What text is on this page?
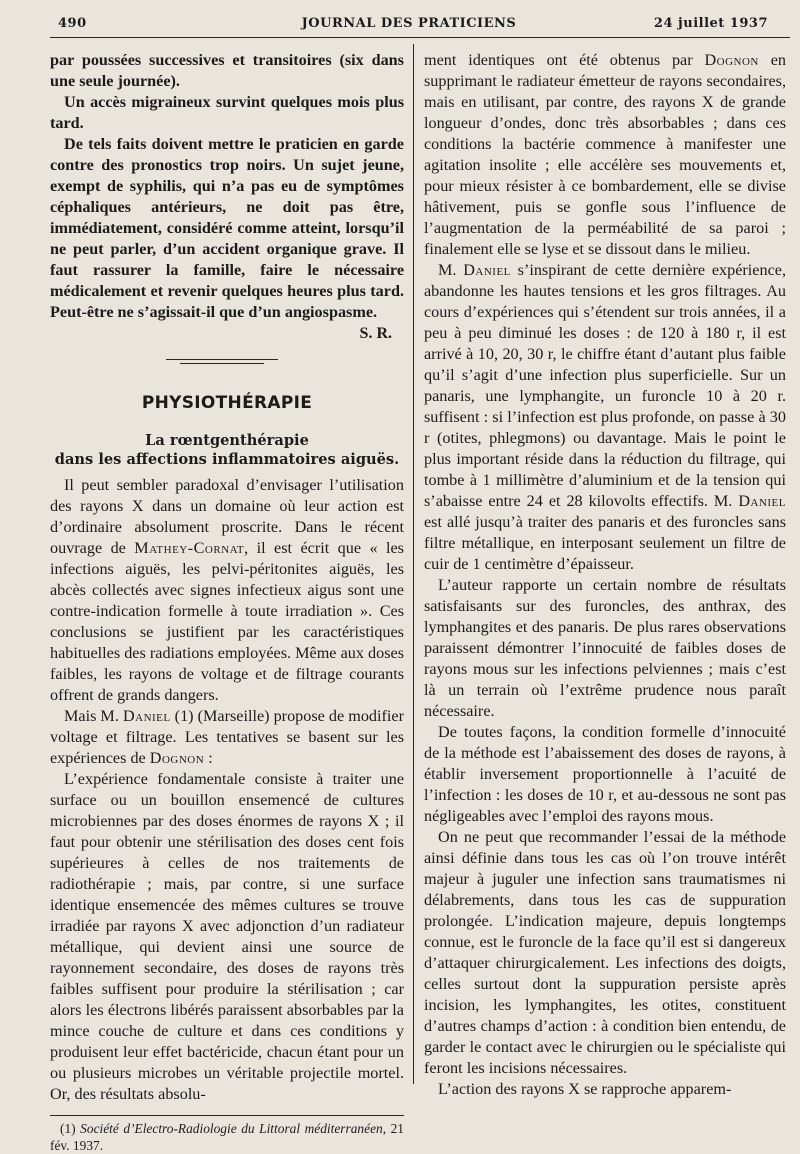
490	JOURNAL DES PRATICIENS	24 juillet 1937

par poussées successives et transitoires (six dans une seule journée).

Un accès migraineux survint quelques mois plus tard.

De tels faits doivent mettre le praticien en garde contre des pronostics trop noirs. Un sujet jeune, exempt de syphilis, qui n’a pas eu de symptômes céphaliques antérieurs, ne doit pas être, immédiatement, considéré comme atteint, lorsqu’il ne peut parler, d’un accident organique grave. Il faut rassurer la famille, faire le nécessaire médicalement et revenir quelques heures plus tard. Peut-être ne s’agissait-il que d’un angiospasme.

S. R.
PHYSIOTHÉRAPIE
La rœntgenthérapie
dans les affections inflammatoires aiguës.

Il peut sembler paradoxal d’envisager l’utilisation des rayons X dans un domaine où leur action est d’ordinaire absolument proscrite. Dans le récent ouvrage de Mathey-Cornat, il est écrit que « les infections aiguës, les pelvi-péritonites aiguës, les abcès collectés avec signes infectieux aigus sont une contre-indication formelle à toute irradiation ». Ces conclusions se justifient par les caractéristiques habituelles des radiations employées. Même aux doses faibles, les rayons de voltage et de filtrage courants offrent de grands dangers.

Mais M. Daniel (1) (Marseille) propose de modifier voltage et filtrage. Les tentatives se basent sur les expériences de Dognon :

L’expérience fondamentale consiste à traiter une surface ou un bouillon ensemencé de cultures microbiennes par des doses énormes de rayons X ; il faut pour obtenir une stérilisation des doses cent fois supérieures à celles de nos traitements de radiothérapie ; mais, par contre, si une surface identique ensemencée des mêmes cultures se trouve irradiée par rayons X avec adjonction d’un radiateur métallique, qui devient ainsi une source de rayonnement secondaire, des doses de rayons très faibles suffisent pour produire la stérilisation ; car alors les électrons libérés paraissent absorbables par la mince couche de culture et dans ces conditions y produisent leur effet bactéricide, chacun étant pour un ou plusieurs microbes un véritable projectile mortel. Or, des résultats absolu-

(1) Société d’Electro-Radiologie du Littoral méditerranéen, 21 fév. 1937.

ment identiques ont été obtenus par Dognon en supprimant le radiateur émetteur de rayons secondaires, mais en utilisant, par contre, des rayons X de grande longueur d’ondes, donc très absorbables ; dans ces conditions la bactérie commence à manifester une agitation insolite ; elle accélère ses mouvements et, pour mieux résister à ce bombardement, elle se divise hâtivement, puis se gonfle sous l’influence de l’augmentation de la perméabilité de sa paroi ; finalement elle se lyse et se dissout dans le milieu.

M. Daniel s’inspirant de cette dernière expérience, abandonne les hautes tensions et les gros filtrages. Au cours d’expériences qui s’étendent sur trois années, il a peu à peu diminué les doses : de 120 à 180 r, il est arrivé à 10, 20, 30 r, le chiffre étant d’autant plus faible qu’il s’agit d’une infection plus superficielle. Sur un panaris, une lymphangite, un furoncle 10 à 20 r. suffisent : si l’infection est plus profonde, on passe à 30 r (otites, phlegmons) ou davantage. Mais le point le plus important réside dans la réduction du filtrage, qui tombe à 1 millimètre d’aluminium et de la tension qui s’abaisse entre 24 et 28 kilovolts effectifs. M. Daniel est allé jusqu’à traiter des panaris et des furoncles sans filtre métallique, en interposant seulement un filtre de cuir de 1 centimètre d’épaisseur.

L’auteur rapporte un certain nombre de résultats satisfaisants sur des furoncles, des anthrax, des lymphangites et des panaris. De plus rares observations paraissent démontrer l’innocuité de faibles doses de rayons mous sur les infections pelviennes ; mais c’est là un terrain où l’extrême prudence nous paraît nécessaire.

De toutes façons, la condition formelle d’innocuité de la méthode est l’abaissement des doses de rayons, à établir inversement proportionnelle à l’acuité de l’infection : les doses de 10 r, et au-dessous ne sont pas négligeables avec l’emploi des rayons mous.

On ne peut que recommander l’essai de la méthode ainsi définie dans tous les cas où l’on trouve intérêt majeur à juguler une infection sans traumatismes ni délabrements, dans tous les cas de suppuration prolongée. L’indication majeure, depuis longtemps connue, est le furoncle de la face qu’il est si dangereux d’attaquer chirurgicalement. Les infections des doigts, celles surtout dont la suppuration persiste après incision, les lymphangites, les otites, constituent d’autres champs d’action : à condition bien entendu, de garder le contact avec le chirurgien ou le spécialiste qui feront les incisions nécessaires.

L’action des rayons X se rapproche apparem-
